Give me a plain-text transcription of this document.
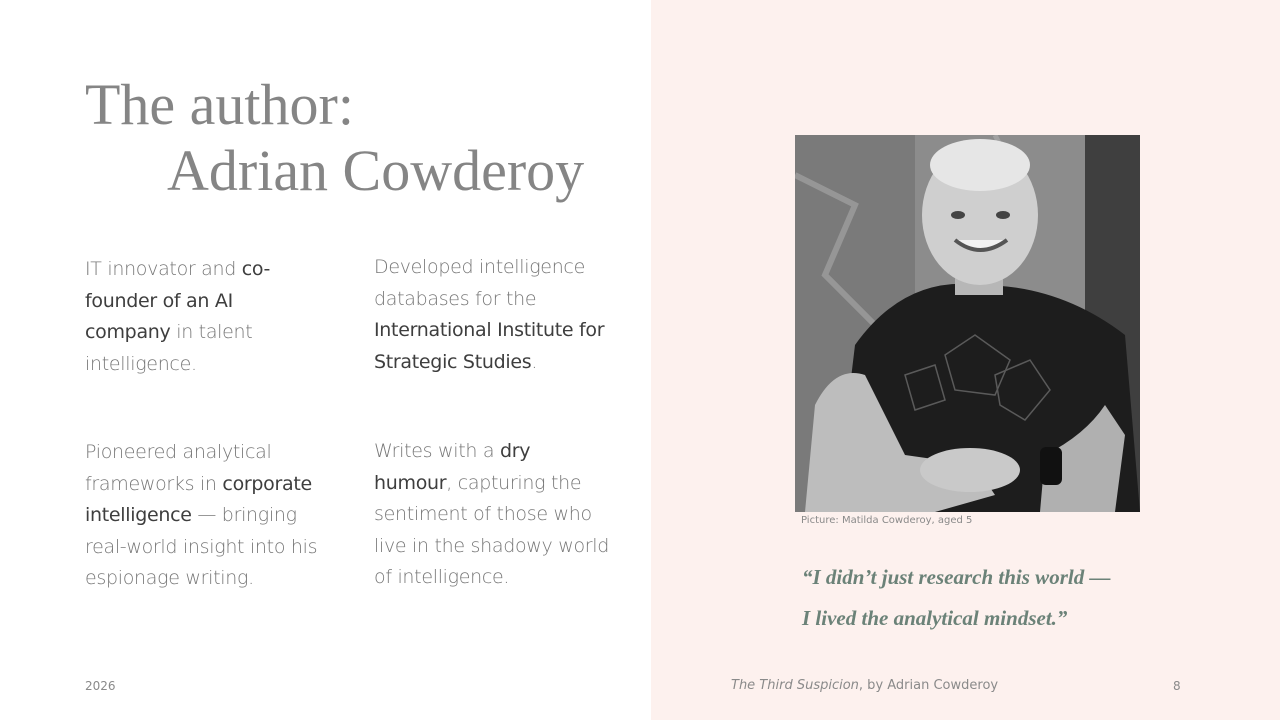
The author:
Adrian Cowderoy

IT innovator and co-founder of an AI company in talent intelligence.

Developed intelligence databases for the International Institute for Strategic Studies.

Pioneered analytical frameworks in corporate intelligence — bringing real-world insight into his espionage writing.

Writes with a dry humour, capturing the sentiment of those who live in the shadowy world of intelligence.

Picture: Matilda Cowderoy, aged 5

“I didn’t just research this world —
I lived the analytical mindset.”

2026	The Third Suspicion, by Adrian Cowderoy	8
